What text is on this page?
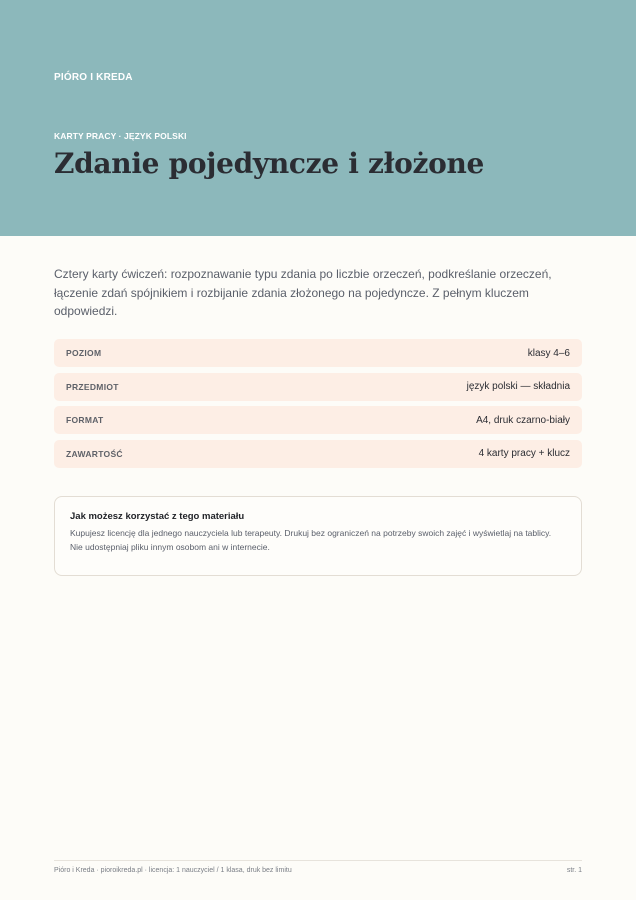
PIÓRO I KREDA
KARTY PRACY · JĘZYK POLSKI
Zdanie pojedyncze i złożone

Cztery karty ćwiczeń: rozpoznawanie typu zdania po liczbie orzeczeń, podkreślanie orzeczeń, łączenie zdań spójnikiem i rozbijanie zdania złożonego na pojedyncze. Z pełnym kluczem odpowiedzi.

POZIOM	klasy 4–6
PRZEDMIOT	język polski — składnia
FORMAT	A4, druk czarno-biały
ZAWARTOŚĆ	4 karty pracy + klucz

Jak możesz korzystać z tego materiału

Kupujesz licencję dla jednego nauczyciela lub terapeuty. Drukuj bez ograniczeń na potrzeby swoich zajęć i wyświetlaj na tablicy. Nie udostępniaj pliku innym osobom ani w internecie.

Pióro i Kreda · pioroikreda.pl · licencja: 1 nauczyciel / 1 klasa, druk bez limitu	str. 1
